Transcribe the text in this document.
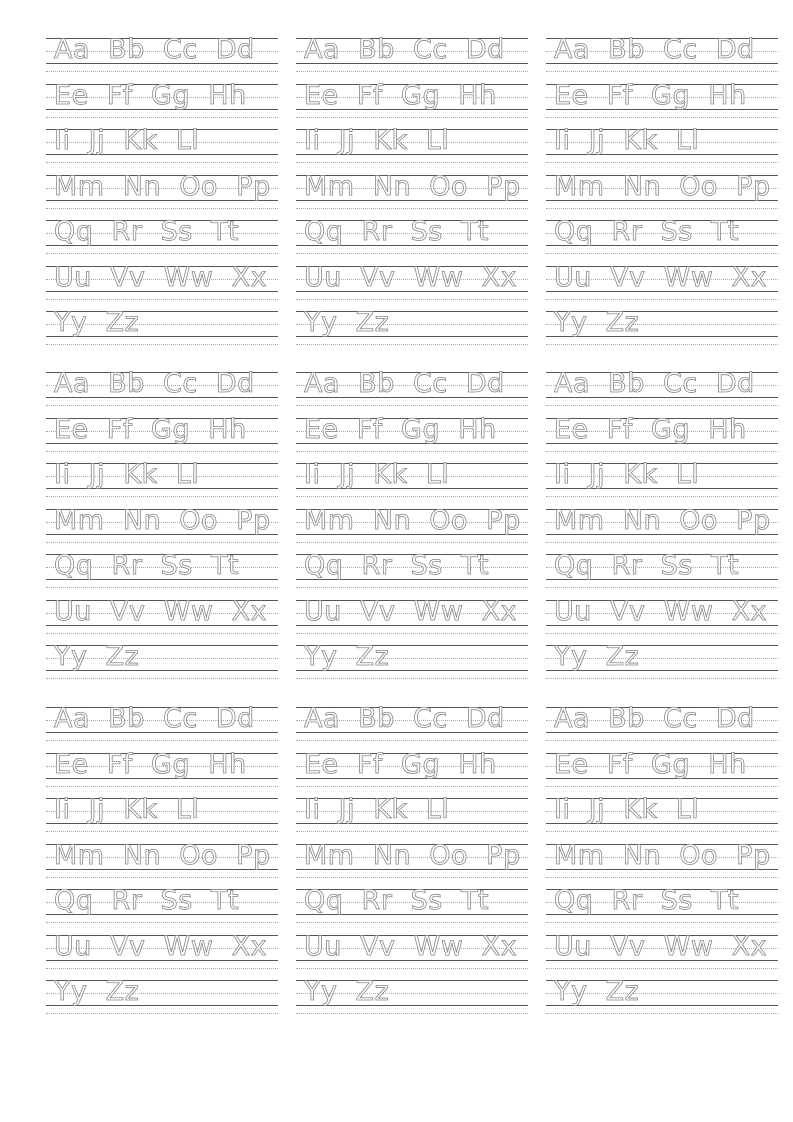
Aa  Bb  Cc  Dd
Ee  Ff  Gg  Hh
Ii  Jj  Kk  Ll
Mm  Nn  Oo  Pp
Qq  Rr  Ss  Tt
Uu  Vv  Ww  Xx
Yy  Zz
Aa  Bb  Cc  Dd
Ee  Ff  Gg  Hh
Ii  Jj  Kk  Ll
Mm  Nn  Oo  Pp
Qq  Rr  Ss  Tt
Uu  Vv  Ww  Xx
Yy  Zz
Aa  Bb  Cc  Dd
Ee  Ff  Gg  Hh
Ii  Jj  Kk  Ll
Mm  Nn  Oo  Pp
Qq  Rr  Ss  Tt
Uu  Vv  Ww  Xx
Yy  Zz
Aa  Bb  Cc  Dd
Ee  Ff  Gg  Hh
Ii  Jj  Kk  Ll
Mm  Nn  Oo  Pp
Qq  Rr  Ss  Tt
Uu  Vv  Ww  Xx
Yy  Zz
Aa  Bb  Cc  Dd
Ee  Ff  Gg  Hh
Ii  Jj  Kk  Ll
Mm  Nn  Oo  Pp
Qq  Rr  Ss  Tt
Uu  Vv  Ww  Xx
Yy  Zz
Aa  Bb  Cc  Dd
Ee  Ff  Gg  Hh
Ii  Jj  Kk  Ll
Mm  Nn  Oo  Pp
Qq  Rr  Ss  Tt
Uu  Vv  Ww  Xx
Yy  Zz
Aa  Bb  Cc  Dd
Ee  Ff  Gg  Hh
Ii  Jj  Kk  Ll
Mm  Nn  Oo  Pp
Qq  Rr  Ss  Tt
Uu  Vv  Ww  Xx
Yy  Zz
Aa  Bb  Cc  Dd
Ee  Ff  Gg  Hh
Ii  Jj  Kk  Ll
Mm  Nn  Oo  Pp
Qq  Rr  Ss  Tt
Uu  Vv  Ww  Xx
Yy  Zz
Aa  Bb  Cc  Dd
Ee  Ff  Gg  Hh
Ii  Jj  Kk  Ll
Mm  Nn  Oo  Pp
Qq  Rr  Ss  Tt
Uu  Vv  Ww  Xx
Yy  Zz
